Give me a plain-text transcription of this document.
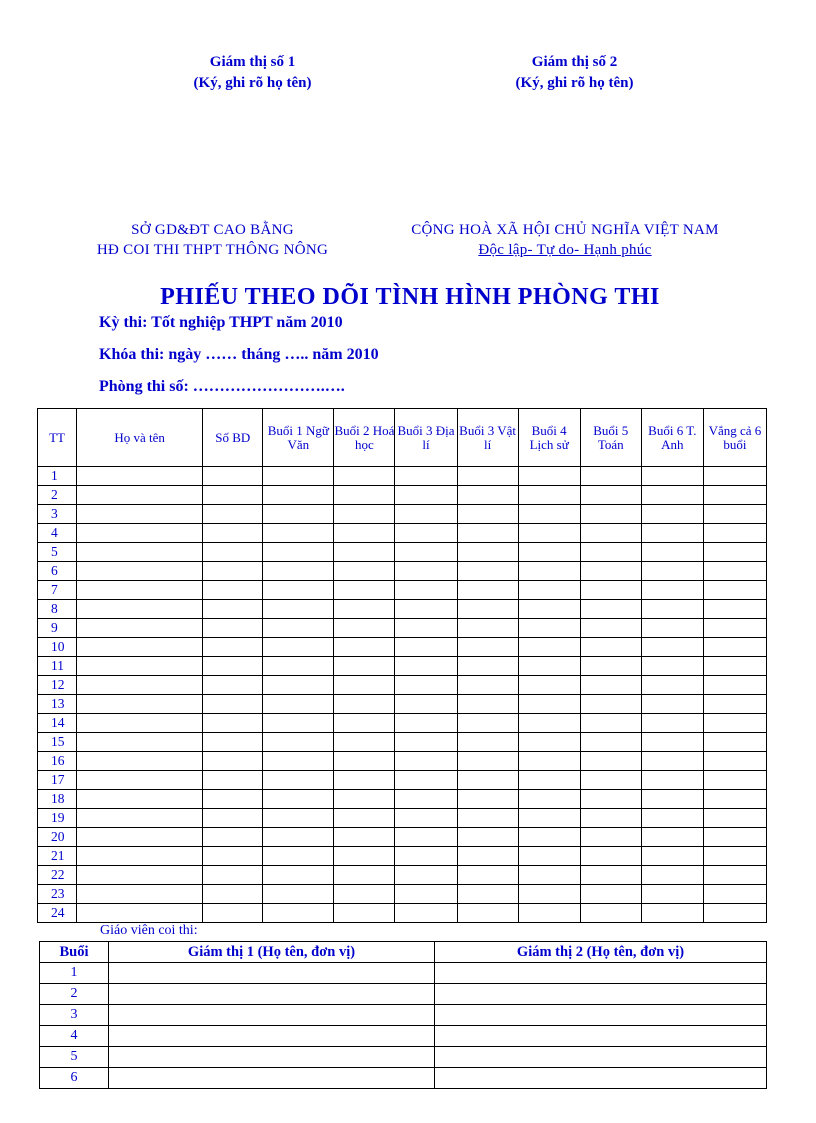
Giám thị số 1
(Ký, ghi rõ họ tên)
Giám thị số 2
(Ký, ghi rõ họ tên)
SỞ GD&ĐT CAO BẰNG
HĐ COI THI THPT THÔNG NÔNG
CỘNG HOÀ XÃ HỘI CHỦ NGHĨA VIỆT NAM
Độc lập- Tự do- Hạnh phúc
PHIẾU THEO DÕI TÌNH HÌNH PHÒNG THI
Kỳ thi: Tốt nghiệp THPT năm 2010
Khóa thi: ngày …… tháng ….. năm 2010
Phòng thi số: …………………….….
TT	Họ và tên	Số BD	Buổi 1 Ngữ Văn	Buổi 2 Hoá học	Buổi 3 Địa lí	Buổi 3 Vật lí	Buổi 4 Lịch sử	Buổi 5 Toán	Buổi 6 T. Anh	Vắng cả 6 buổi
1										
2										
3										
4										
5										
6										
7										
8										
9										
10										
11										
12										
13										
14										
15										
16										
17										
18										
19										
20										
21										
22										
23										
24										
Giáo viên coi thi:
Buổi	Giám thị 1 (Họ tên, đơn vị)	Giám thị 2 (Họ tên, đơn vị)
1		
2		
3		
4		
5		
6		
